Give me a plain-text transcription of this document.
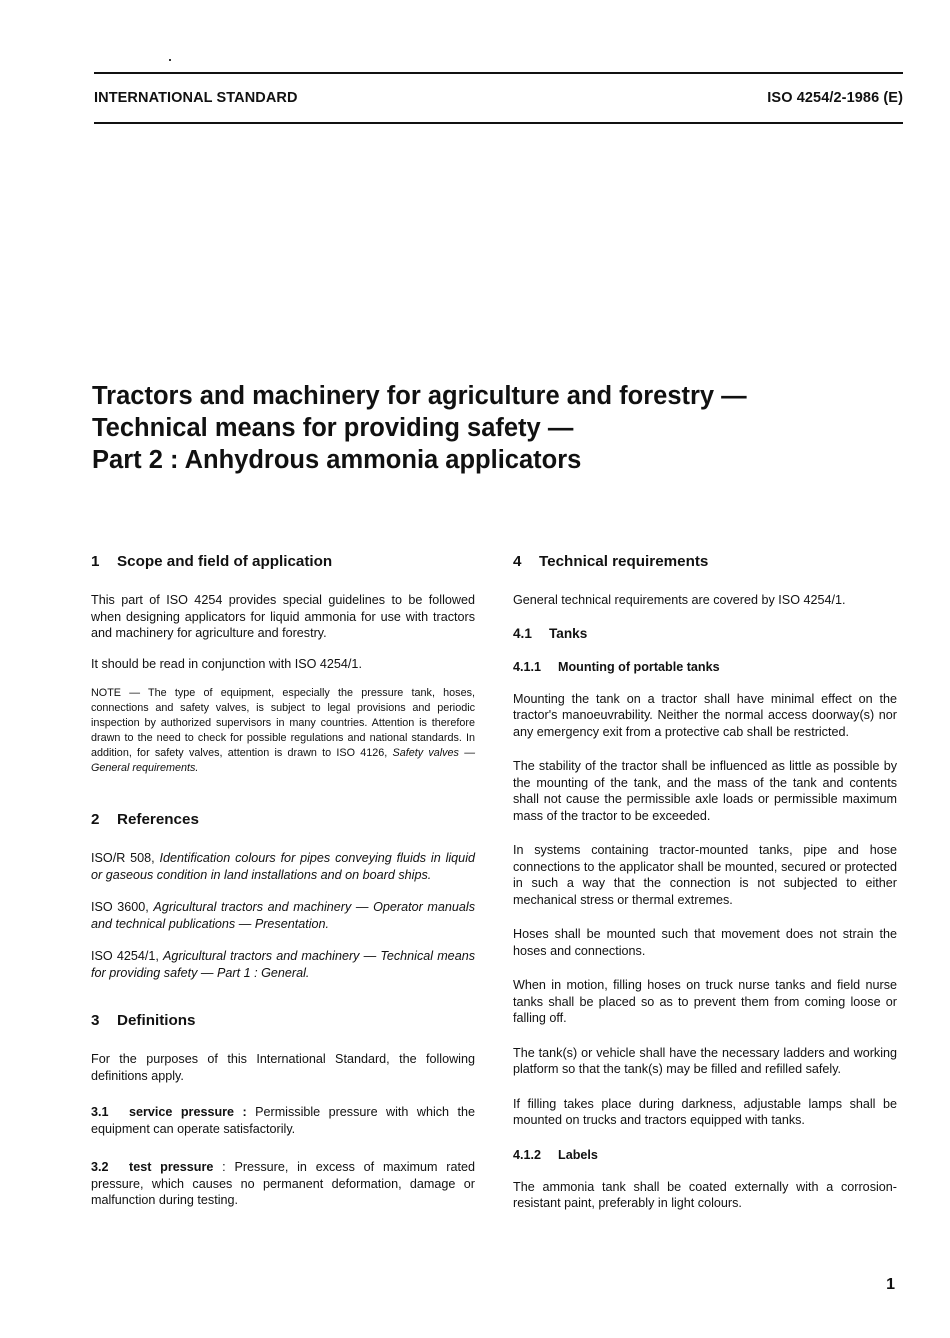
INTERNATIONAL STANDARD	ISO 4254/2-1986 (E)
Tractors and machinery for agriculture and forestry —
Technical means for providing safety —
Part 2 : Anhydrous ammonia applicators
1 Scope and field of application

This part of ISO 4254 provides special guidelines to be followed when designing applicators for liquid ammonia for use with tractors and machinery for agriculture and forestry.

It should be read in conjunction with ISO 4254/1.

NOTE — The type of equipment, especially the pressure tank, hoses, connections and safety valves, is subject to legal provisions and periodic inspection by authorized supervisors in many countries. Attention is therefore drawn to the need to check for possible regulations and national standards. In addition, for safety valves, attention is drawn to ISO 4126, Safety valves — General requirements.
2 References

ISO/R 508, Identification colours for pipes conveying fluids in liquid or gaseous condition in land installations and on board ships.

ISO 3600, Agricultural tractors and machinery — Operator manuals and technical publications — Presentation.

ISO 4254/1, Agricultural tractors and machinery — Technical means for providing safety — Part 1 : General.

3 Definitions

For the purposes of this International Standard, the following definitions apply.

3.1 service pressure : Permissible pressure with which the equipment can operate satisfactorily.

3.2 test pressure : Pressure, in excess of maximum rated pressure, which causes no permanent deformation, damage or malfunction during testing.

4 Technical requirements

General technical requirements are covered by ISO 4254/1.

4.1 Tanks
4.1.1 Mounting of portable tanks

Mounting the tank on a tractor shall have minimal effect on the tractor's manoeuvrability. Neither the normal access doorway(s) nor any emergency exit from a protective cab shall be restricted.

The stability of the tractor shall be influenced as little as possible by the mounting of the tank, and the mass of the tank and contents shall not cause the permissible axle loads or permissible maximum mass of the tractor to be exceeded.

In systems containing tractor-mounted tanks, pipe and hose connections to the applicator shall be mounted, secured or protected in such a way that the connection is not subjected to either mechanical stress or thermal extremes.

Hoses shall be mounted such that movement does not strain the hoses and connections.

When in motion, filling hoses on truck nurse tanks and field nurse tanks shall be placed so as to prevent them from coming loose or falling off.

The tank(s) or vehicle shall have the necessary ladders and working platform so that the tank(s) may be filled and refilled safely.

If filling takes place during darkness, adjustable lamps shall be mounted on trucks and tractors equipped with tanks.

4.1.2 Labels

The ammonia tank shall be coated externally with a corrosion-resistant paint, preferably in light colours.

1
